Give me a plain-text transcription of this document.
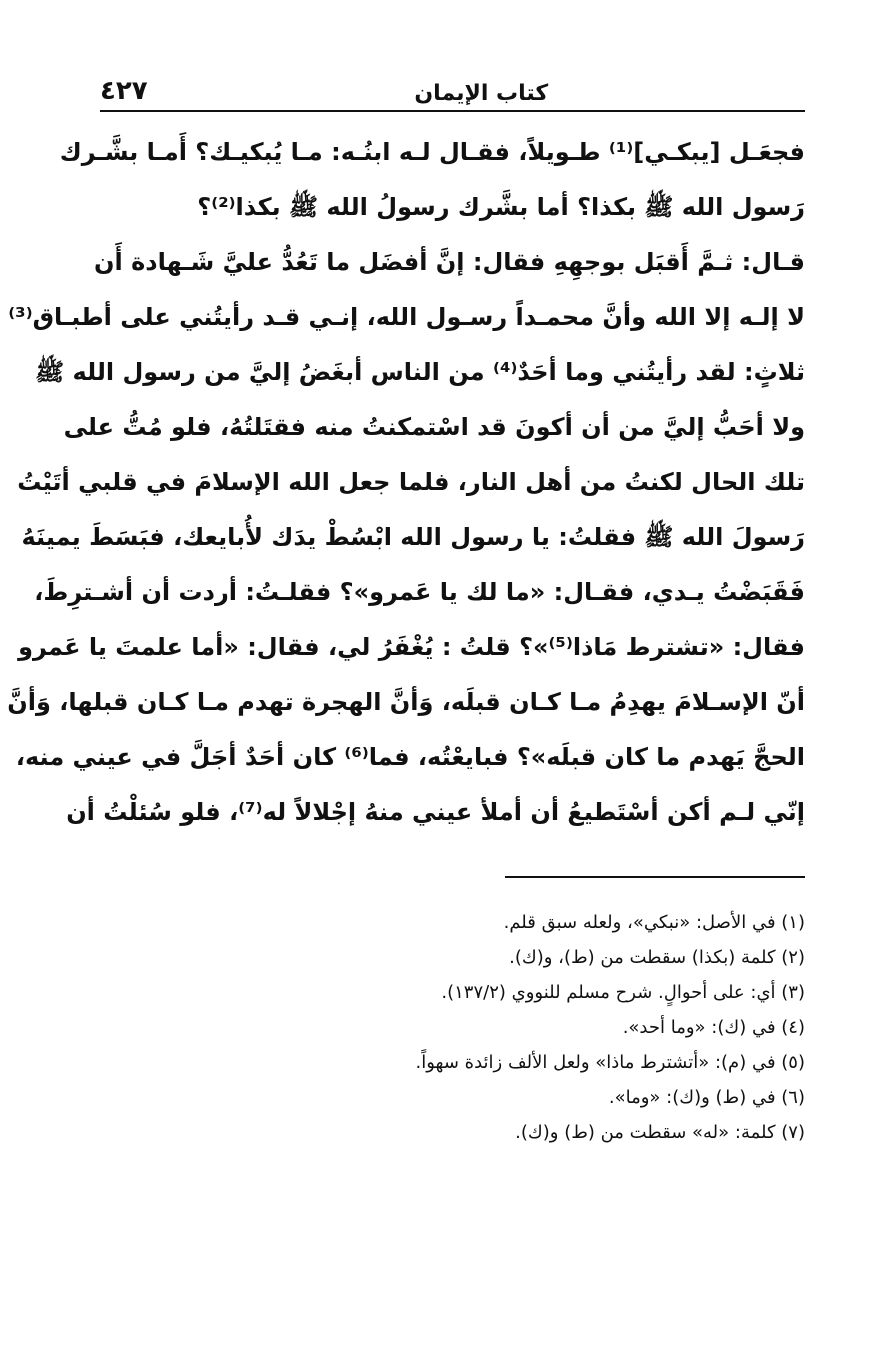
كتاب الإيمان
٤٢٧
فجعَـل [يبكـي]⁽¹⁾ طـويلاً، فقـال لـه ابنُـه: مـا يُبكيـك؟ أَمـا بشَّـرك
رَسول الله ﷺ بكذا؟ أما بشَّرك رسولُ الله ﷺ بكذا⁽²⁾؟
قـال: ثـمَّ أَقبَل بوجهِهِ فقال: إنَّ أفضَل ما تَعُدُّ عليَّ شَـهادة أَن
لا إلـه إلا الله وأنَّ محمـداً رسـول الله، إنـي قـد رأيتُني على أطبـاق⁽³⁾
ثلاثٍ: لقد رأيتُني وما أحَدٌ⁽⁴⁾ من الناس أبغَضُ إليَّ من رسول الله ﷺ
ولا أحَبُّ إليَّ من أن أكونَ قد اسْتمكنتُ منه فقتَلتُهُ، فلو مُتُّ على
تلك الحال لكنتُ من أهل النار، فلما جعل الله الإسلامَ في قلبي أتَيْتُ
رَسولَ الله ﷺ فقلتُ: يا رسول الله ابْسُطْ يدَك لأُبايعك، فبَسَطَ يمينَهُ
فَقَبَضْتُ يـدي، فقـال: «ما لك يا عَمرو»؟ فقلـتُ: أردت أن أشـترِطَ،
فقال: «تشترط مَاذا⁽⁵⁾»؟ قلتُ : يُغْفَرُ لي، فقال: «أما علمتَ يا عَمرو
أنّ الإسـلامَ يهدِمُ مـا كـان قبلَه، وَأنَّ الهجرة تهدم مـا كـان قبلها، وَأنَّ
الحجَّ يَهدم ما كان قبلَه»؟ فبايعْتُه، فما⁽⁶⁾ كان أحَدٌ أجَلَّ في عيني منه،
إنّي لـم أكن أسْتَطيعُ أن أملأ عيني منهُ إجْلالاً له⁽⁷⁾، فلو سُئلْتُ أن
(١) في الأصل: «نبكي»، ولعله سبق قلم.
(٢) كلمة (بكذا) سقطت من (ط)، و(ك).
(٣) أي: على أحوالٍ. شرح مسلم للنووي (١٣٧/٢).
(٤) في (ك): «وما أحد».
(٥) في (م): «أتشترط ماذا» ولعل الألف زائدة سهواً.
(٦) في (ط) و(ك): «وما».
(٧) كلمة: «له» سقطت من (ط) و(ك).
